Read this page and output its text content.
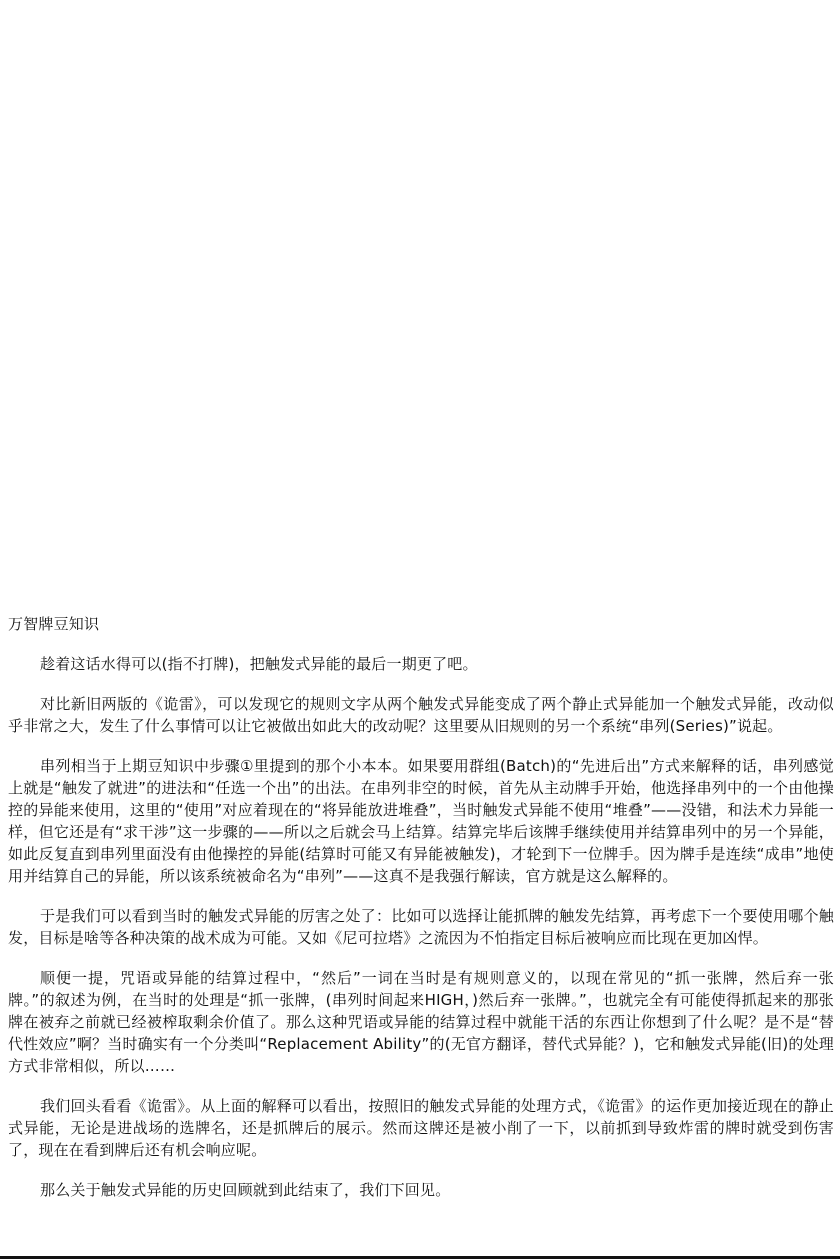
万智牌豆知识

趁着这话水得可以(指不打牌)，把触发式异能的最后一期更了吧。

对比新旧两版的《诡雷》，可以发现它的规则文字从两个触发式异能变成了两个静止式异能加一个触发式异能，改动似乎非常之大，发生了什么事情可以让它被做出如此大的改动呢？这里要从旧规则的另一个系统“串列(Series)”说起。

串列相当于上期豆知识中步骤①里提到的那个小本本。如果要用群组(Batch)的“先进后出”方式来解释的话，串列感觉上就是“触发了就进”的进法和“任选一个出”的出法。在串列非空的时候，首先从主动牌手开始，他选择串列中的一个由他操控的异能来使用，这里的“使用”对应着现在的“将异能放进堆叠”，当时触发式异能不使用“堆叠”——没错，和法术力异能一样，但它还是有“求干涉”这一步骤的——所以之后就会马上结算。结算完毕后该牌手继续使用并结算串列中的另一个异能，如此反复直到串列里面没有由他操控的异能(结算时可能又有异能被触发)，才轮到下一位牌手。因为牌手是连续“成串”地使用并结算自己的异能，所以该系统被命名为“串列”——这真不是我强行解读，官方就是这么解释的。

于是我们可以看到当时的触发式异能的厉害之处了：比如可以选择让能抓牌的触发先结算，再考虑下一个要使用哪个触发，目标是啥等各种决策的战术成为可能。又如《尼可拉塔》之流因为不怕指定目标后被响应而比现在更加凶悍。

顺便一提，咒语或异能的结算过程中，“然后”一词在当时是有规则意义的，以现在常见的“抓一张牌，然后弃一张牌。”的叙述为例，在当时的处理是“抓一张牌，(串列时间起来HIGH，)然后弃一张牌。”，也就完全有可能使得抓起来的那张牌在被弃之前就已经被榨取剩余价值了。那么这种咒语或异能的结算过程中就能干活的东西让你想到了什么呢？是不是“替代性效应”啊？当时确实有一个分类叫“Replacement Ability”的(无官方翻译，替代式异能？)，它和触发式异能(旧)的处理方式非常相似，所以……

我们回头看看《诡雷》。从上面的解释可以看出，按照旧的触发式异能的处理方式，《诡雷》的运作更加接近现在的静止式异能，无论是进战场的选牌名，还是抓牌后的展示。然而这牌还是被小削了一下，以前抓到导致炸雷的牌时就受到伤害了，现在在看到牌后还有机会响应呢。

那么关于触发式异能的历史回顾就到此结束了，我们下回见。
